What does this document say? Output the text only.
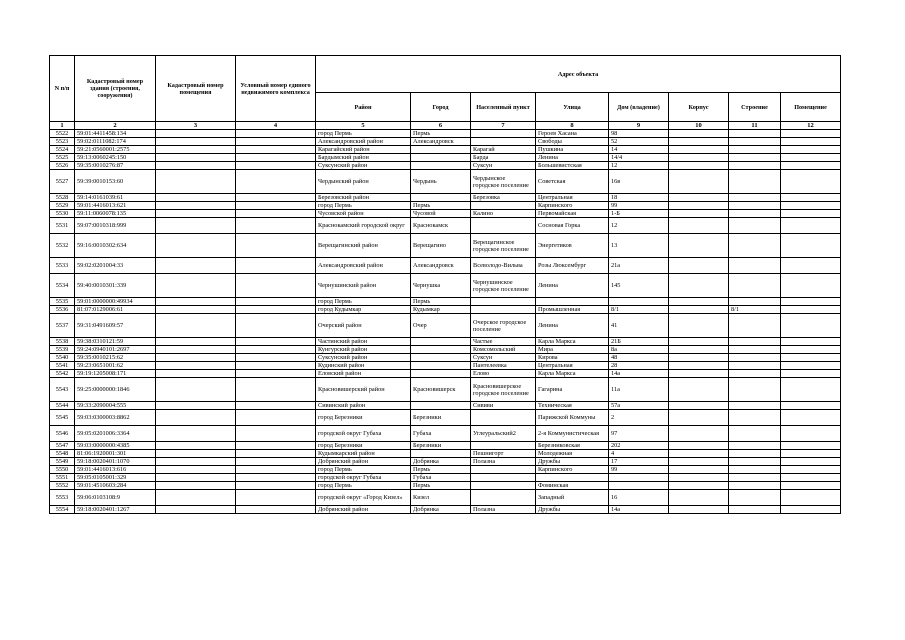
N п/п	Кадастровый номер здания (строения, сооружения)	Кадастровый номер помещения	Условный номер единого недвижимого комплекса	Адрес объекта							
				Район	Город	Населенный пункт	Улица	Дом (владение)	Корпус	Строение	Помещение
1	2	3	4	5	6	7	8	9	10	11	12
5522	59:01:4411458:134			город Пермь	Пермь		Героев Хасана	98			
5523	59:02:0111082:174			Александровский район	Александровск		Свободы	52			
5524	59:21:0560001:2575			Карагайский район		Карагай	Пушкина	14			
5525	59:13:0060245:150			Бардымский район		Барда	Ленина	14/4			
5526	59:35:0010276:87			Суксунский район		Суксун	Большевистская	12			
5527	59:39:0010153:60			Чердынский район	Чердынь	Чердынское городское поселение	Советская	16в			
5528	59:14:0161039:61			Березовский район		Березовка	Центральная	18			
5529	59:01:4416013:621			город Пермь	Пермь		Карпинского	99			
5530	59:11:0060078:135			Чусовской район	Чусовой	Калино	Первомайская	1-Б			
5531	59:07:0010318:999			Краснокамский городской округ	Краснокамск		Сосновая Горка	12			
5532	59:16:0010302:634			Верещагинский район	Верещагино	Верещагинское городское поселение	Энергетиков	13			
5533	59:02:0201004:33			Александровский район	Александровск	Всеволодо-Вильва	Розы Люксембург	21а			
5534	59:40:0010301:339			Чернушинский район	Чернушка	Чернушинское городское поселение	Ленина	145			
5535	59:01:0000000:49934			город Пермь	Пермь						
5536	81:07:0129006:61			город Кудымкар	Кудымкар		Промышленная	8/1		8/1	
5537	59:31:0491609:57			Очерский район	Очер	Очерское городское поселение	Ленина	41			
5538	59:38:0310121:59			Частинский район		Частые	Карла Маркса	21Б			
5539	59:24:0940101:2697			Кунгурский район		Комсомольский	Мира	8а			
5540	59:35:0010215:62			Суксунский район		Суксун	Кирова	48			
5541	59:23:0651001:62			Кудинский район		Пантелеевка	Центральная	28			
5542	59:19:1205008:171			Еловский район		Елово	Карла Маркса	14а			
5543	59:25:0000000:1846			Красновишерский район	Красновишерск	Красновишерское городское поселение	Гагарина	11а			
5544	59:33:2090004:555			Сивинский район		Сививи	Техническая	57а			
5545	59:03:0300003:8862			город Березники	Березники		Парижской Коммуны	2			
5546	59:05:0201006:3364			городской округ Губаха	Губаха	Углеуральский2	2-я Коммунистическая	97			
5547	59:03:0000000:4385			город Березники	Березники		Березниковская	202			
5548	81:06:1920001:301			Кудымкарский район		Пешнигорт	Молодежная	4			
5549	59:18:0020401:1070			Добрянский район	Добрянка	Полазна	Дружбы	17			
5550	59:01:4416013:616			город Пермь	Пермь		Карпинского	99			
5551	59:05:0105001:329			городской округ Губаха	Губаха						
5552	59:01:4510603:284			город Пермь	Пермь		Фоминская				
5553	59:06:0103108:9			городской округ «Город Кизел»	Кизел		Западный	16			
5554	59:18:0020401:1267			Добрянский район	Добрянка	Полазна	Дружбы	14а			
